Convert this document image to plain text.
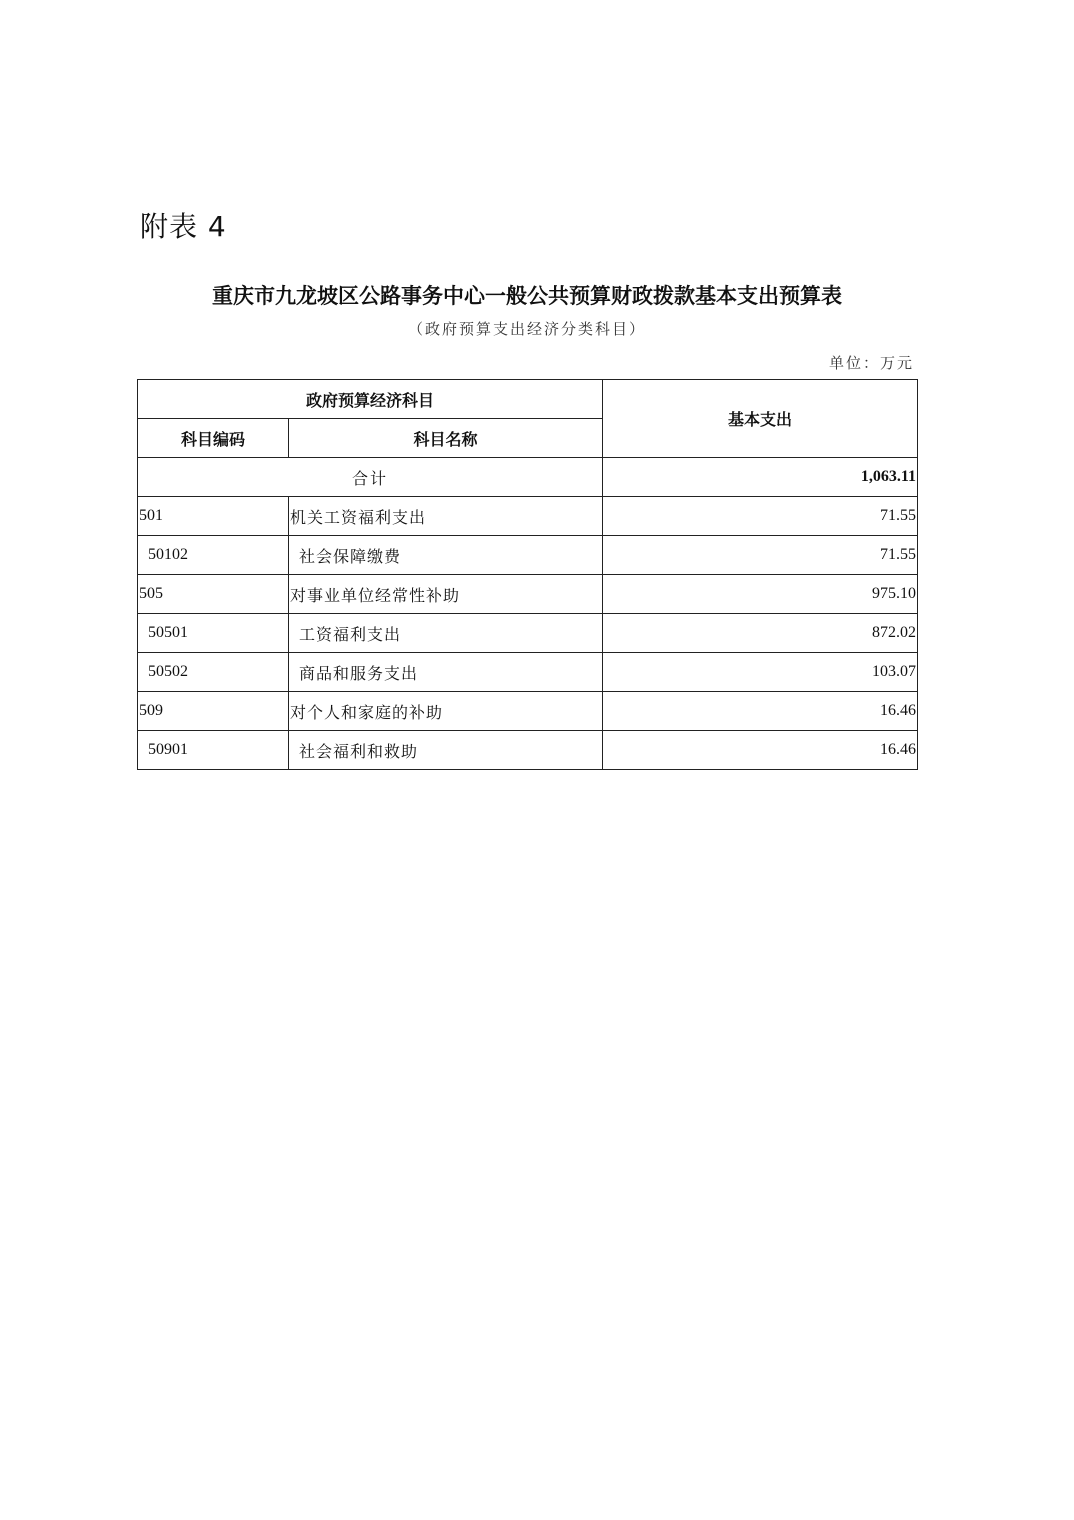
附表 4
重庆市九龙坡区公路事务中心一般公共预算财政拨款基本支出预算表
（政府预算支出经济分类科目）
单位：万元
政府预算经济科目		基本支出
科目编码	科目名称	
合计		1,063.11
501	机关工资福利支出	71.55
50102	社会保障缴费	71.55
505	对事业单位经常性补助	975.10
50501	工资福利支出	872.02
50502	商品和服务支出	103.07
509	对个人和家庭的补助	16.46
50901	社会福利和救助	16.46
